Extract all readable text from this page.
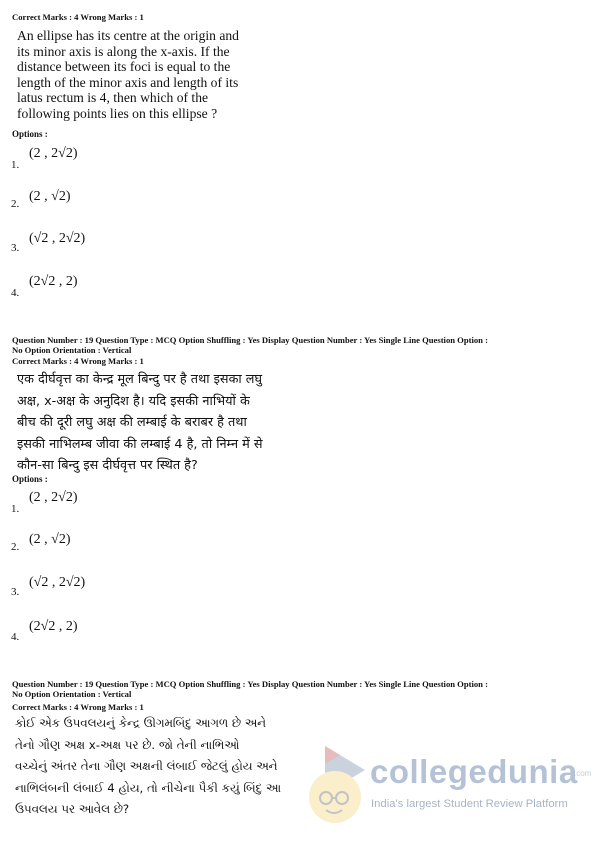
Correct Marks : 4 Wrong Marks : 1
An ellipse has its centre at the origin and
its minor axis is along the x-axis. If the
distance between its foci is equal to the
length of the minor axis and length of its
latus rectum is 4, then which of the
following points lies on this ellipse ?
Options :
1.
(2 , 2√2)
2. (2 , √2)
3.
(√2 , 2√2)
4.
(2√2 , 2)
Question Number : 19 Question Type : MCQ Option Shuffling : Yes Display Question Number : Yes Single Line Question Option :
No Option Orientation : Vertical
Correct Marks : 4 Wrong Marks : 1
एक दीर्घवृत्त का केन्द्र मूल बिन्दु पर है तथा इसका लघु
अक्ष, x-अक्ष के अनुदिश है। यदि इसकी नाभियों के
बीच की दूरी लघु अक्ष की लम्बाई के बराबर है तथा
इसकी नाभिलम्ब जीवा की लम्बाई 4 है, तो निम्न में से
कौन-सा बिन्दु इस दीर्घवृत्त पर स्थित है?
Options :
1.
(2 , 2√2)
2. (2 , √2)
3.
(√2 , 2√2)
4.
(2√2 , 2)
Question Number : 19 Question Type : MCQ Option Shuffling : Yes Display Question Number : Yes Single Line Question Option :
No Option Orientation : Vertical
Correct Marks : 4 Wrong Marks : 1
કોઈ એક ઉપવલયનું કેન્દ્ર ઊગમબિંદુ આગળ છે અને
તેનો ગૌણ અક્ષ x-અક્ષ પર છે. જો તેની નાભિઓ
વચ્ચેનું અંતર તેના ગૌણ અક્ષની લંબાઈ જેટલું હોય અને
નાભિલંબની લંબાઈ 4 હોય, તો નીચેના પૈકી કયું બિંદુ આ
ઉપવલય પર આવેલ છે?
collegedunia
.com
India's largest Student Review Platform
